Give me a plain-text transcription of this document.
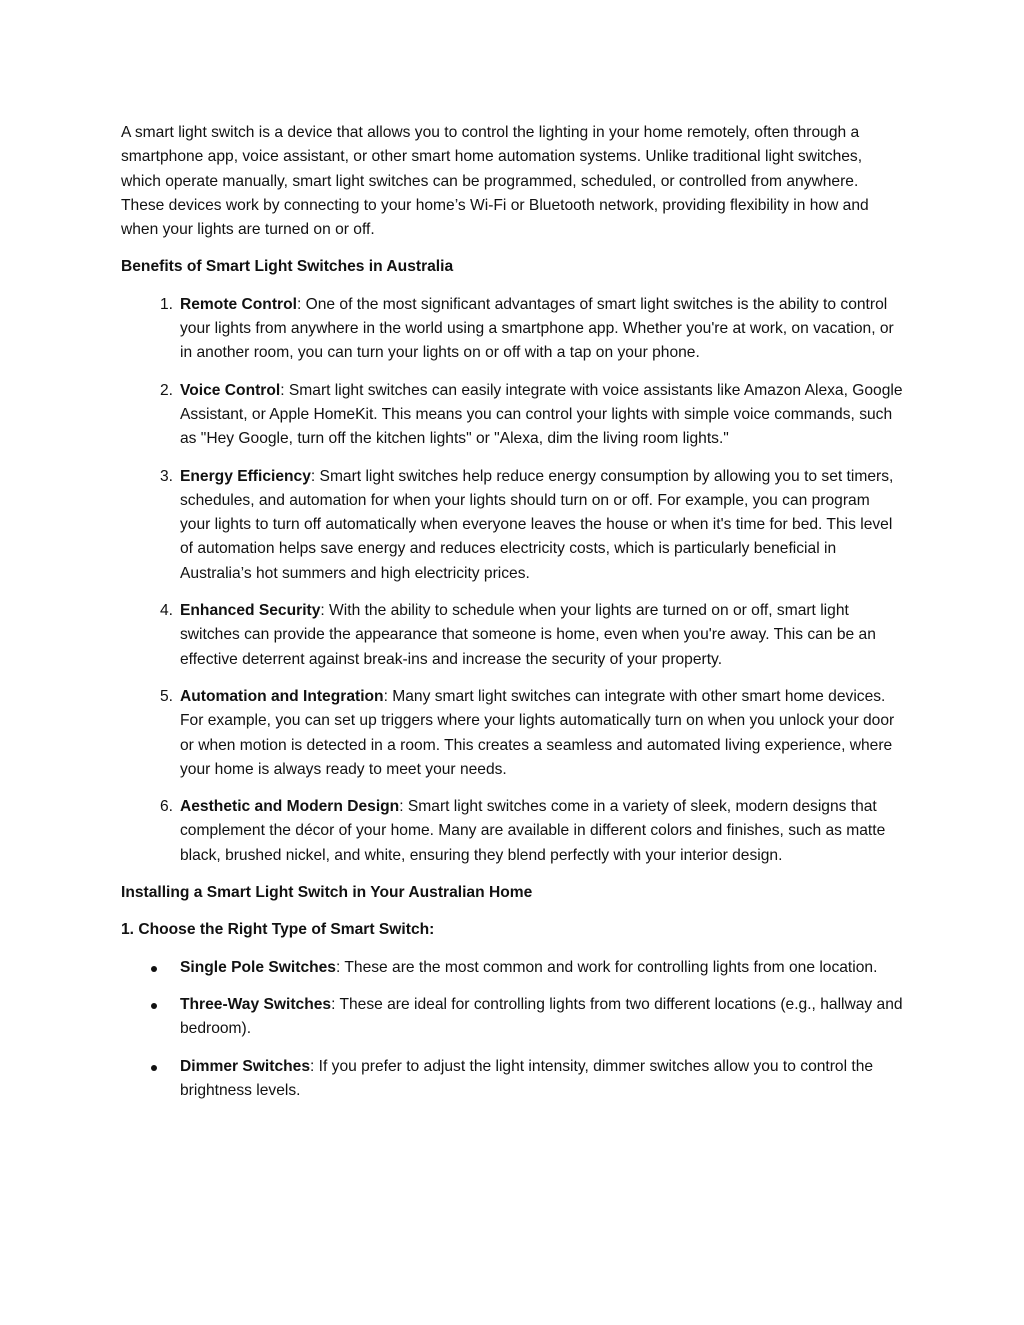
A smart light switch is a device that allows you to control the lighting in your home remotely, often through a smartphone app, voice assistant, or other smart home automation systems. Unlike traditional light switches, which operate manually, smart light switches can be programmed, scheduled, or controlled from anywhere. These devices work by connecting to your home’s Wi-Fi or Bluetooth network, providing flexibility in how and when your lights are turned on or off.

Benefits of Smart Light Switches in Australia

1. Remote Control: One of the most significant advantages of smart light switches is the ability to control your lights from anywhere in the world using a smartphone app. Whether you're at work, on vacation, or in another room, you can turn your lights on or off with a tap on your phone.
2. Voice Control: Smart light switches can easily integrate with voice assistants like Amazon Alexa, Google Assistant, or Apple HomeKit. This means you can control your lights with simple voice commands, such as "Hey Google, turn off the kitchen lights" or "Alexa, dim the living room lights."
3. Energy Efficiency: Smart light switches help reduce energy consumption by allowing you to set timers, schedules, and automation for when your lights should turn on or off. For example, you can program your lights to turn off automatically when everyone leaves the house or when it's time for bed. This level of automation helps save energy and reduces electricity costs, which is particularly beneficial in Australia’s hot summers and high electricity prices.
4. Enhanced Security: With the ability to schedule when your lights are turned on or off, smart light switches can provide the appearance that someone is home, even when you're away. This can be an effective deterrent against break-ins and increase the security of your property.
5. Automation and Integration: Many smart light switches can integrate with other smart home devices. For example, you can set up triggers where your lights automatically turn on when you unlock your door or when motion is detected in a room. This creates a seamless and automated living experience, where your home is always ready to meet your needs.
6. Aesthetic and Modern Design: Smart light switches come in a variety of sleek, modern designs that complement the décor of your home. Many are available in different colors and finishes, such as matte black, brushed nickel, and white, ensuring they blend perfectly with your interior design.

Installing a Smart Light Switch in Your Australian Home

1. Choose the Right Type of Smart Switch:

Single Pole Switches: These are the most common and work for controlling lights from one location.
Three-Way Switches: These are ideal for controlling lights from two different locations (e.g., hallway and bedroom).
Dimmer Switches: If you prefer to adjust the light intensity, dimmer switches allow you to control the brightness levels.
